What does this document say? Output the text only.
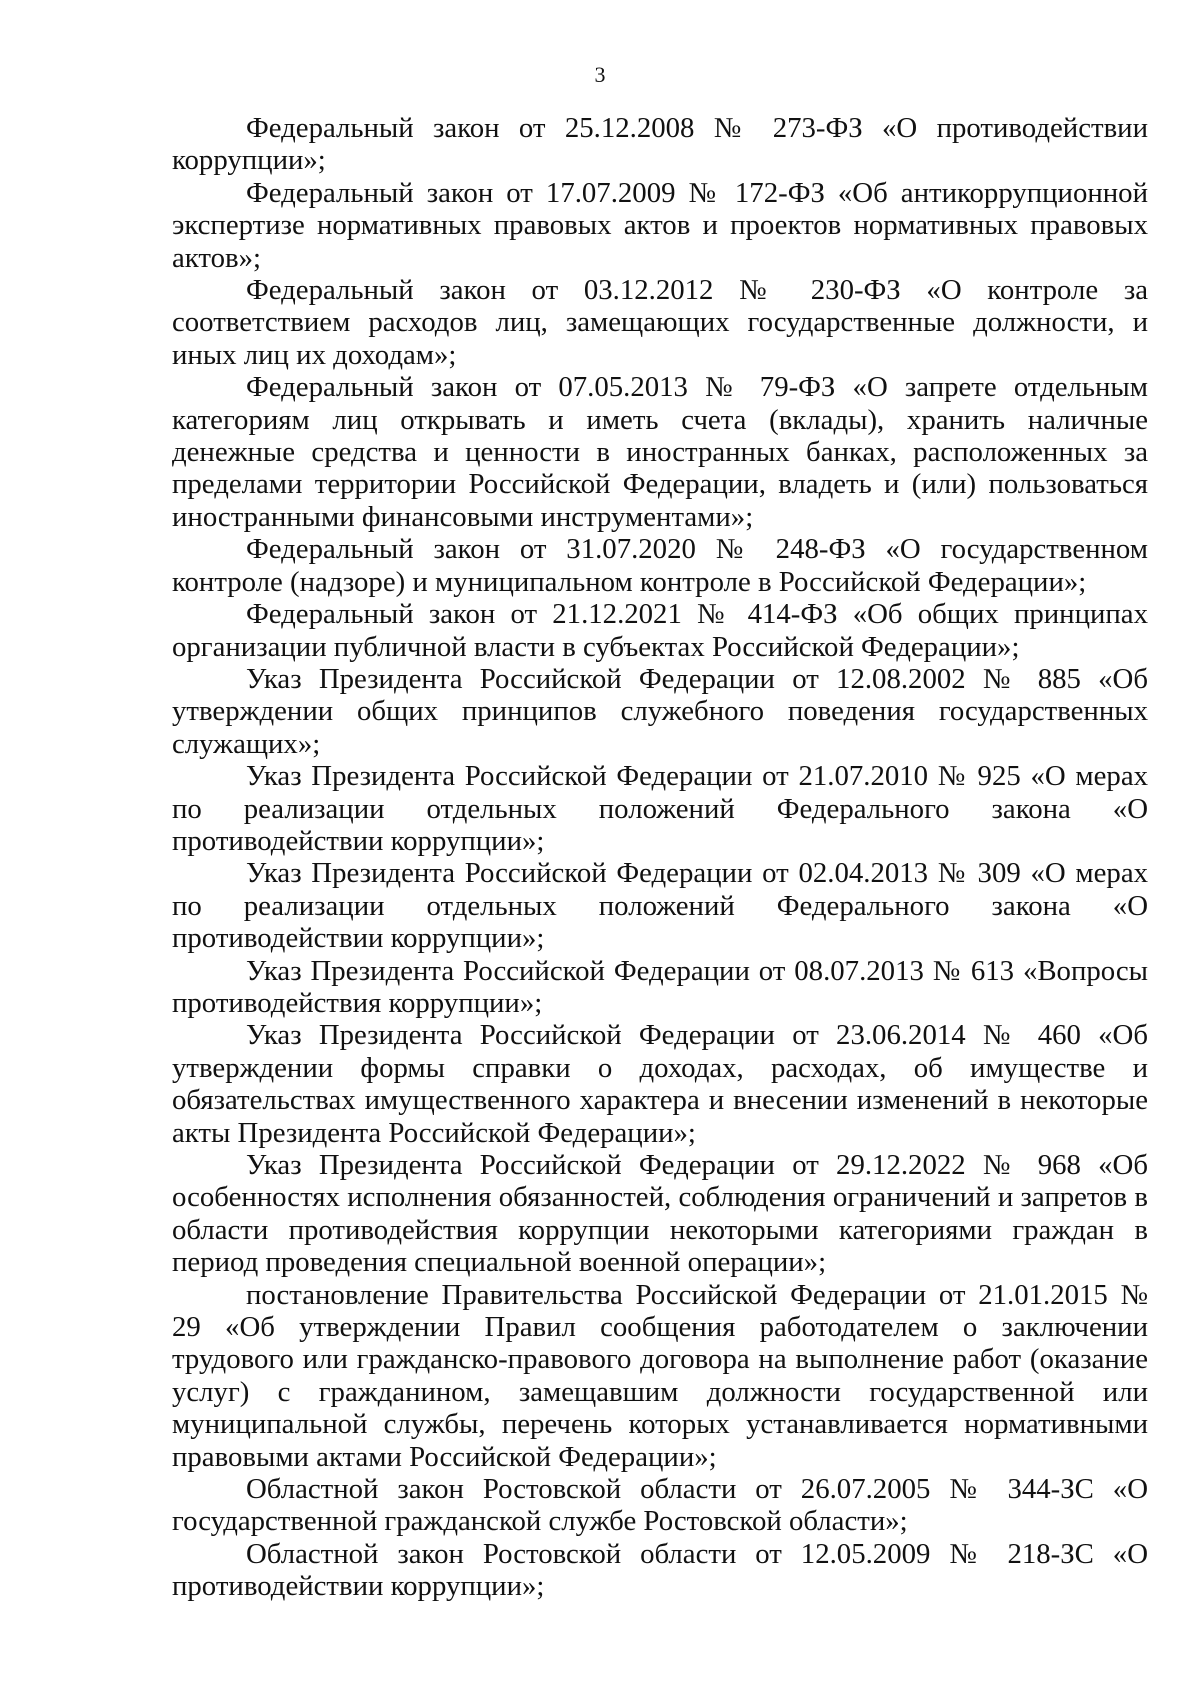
3

Федеральный закон от 25.12.2008 № 273-ФЗ «О противодействии коррупции»;

Федеральный закон от 17.07.2009 № 172-ФЗ «Об антикоррупционной экспертизе нормативных правовых актов и проектов нормативных правовых актов»;

Федеральный закон от 03.12.2012 № 230-ФЗ «О контроле за соответствием расходов лиц, замещающих государственные должности, и иных лиц их доходам»;

Федеральный закон от 07.05.2013 № 79-ФЗ «О запрете отдельным категориям лиц открывать и иметь счета (вклады), хранить наличные денежные средства и ценности в иностранных банках, расположенных за пределами территории Российской Федерации, владеть и (или) пользоваться иностранными финансовыми инструментами»;

Федеральный закон от 31.07.2020 № 248-ФЗ «О государственном контроле (надзоре) и муниципальном контроле в Российской Федерации»;

Федеральный закон от 21.12.2021 № 414-ФЗ «Об общих принципах организации публичной власти в субъектах Российской Федерации»;

Указ Президента Российской Федерации от 12.08.2002 № 885 «Об утверждении общих принципов служебного поведения государственных служащих»;

Указ Президента Российской Федерации от 21.07.2010 № 925 «О мерах по реализации отдельных положений Федерального закона «О противодействии коррупции»;

Указ Президента Российской Федерации от 02.04.2013 № 309 «О мерах по реализации отдельных положений Федерального закона «О противодействии коррупции»;

Указ Президента Российской Федерации от 08.07.2013 № 613 «Вопросы противодействия коррупции»;

Указ Президента Российской Федерации от 23.06.2014 № 460 «Об утверждении формы справки о доходах, расходах, об имуществе и обязательствах имущественного характера и внесении изменений в некоторые акты Президента Российской Федерации»;

Указ Президента Российской Федерации от 29.12.2022 № 968 «Об особенностях исполнения обязанностей, соблюдения ограничений и запретов в области противодействия коррупции некоторыми категориями граждан в период проведения специальной военной операции»;

постановление Правительства Российской Федерации от 21.01.2015 № 29 «Об утверждении Правил сообщения работодателем о заключении трудового или гражданско-правового договора на выполнение работ (оказание услуг) с гражданином, замещавшим должности государственной или муниципальной службы, перечень которых устанавливается нормативными правовыми актами Российской Федерации»;

Областной закон Ростовской области от 26.07.2005 № 344-ЗС «О государственной гражданской службе Ростовской области»;

Областной закон Ростовской области от 12.05.2009 № 218-ЗС «О противодействии коррупции»;
